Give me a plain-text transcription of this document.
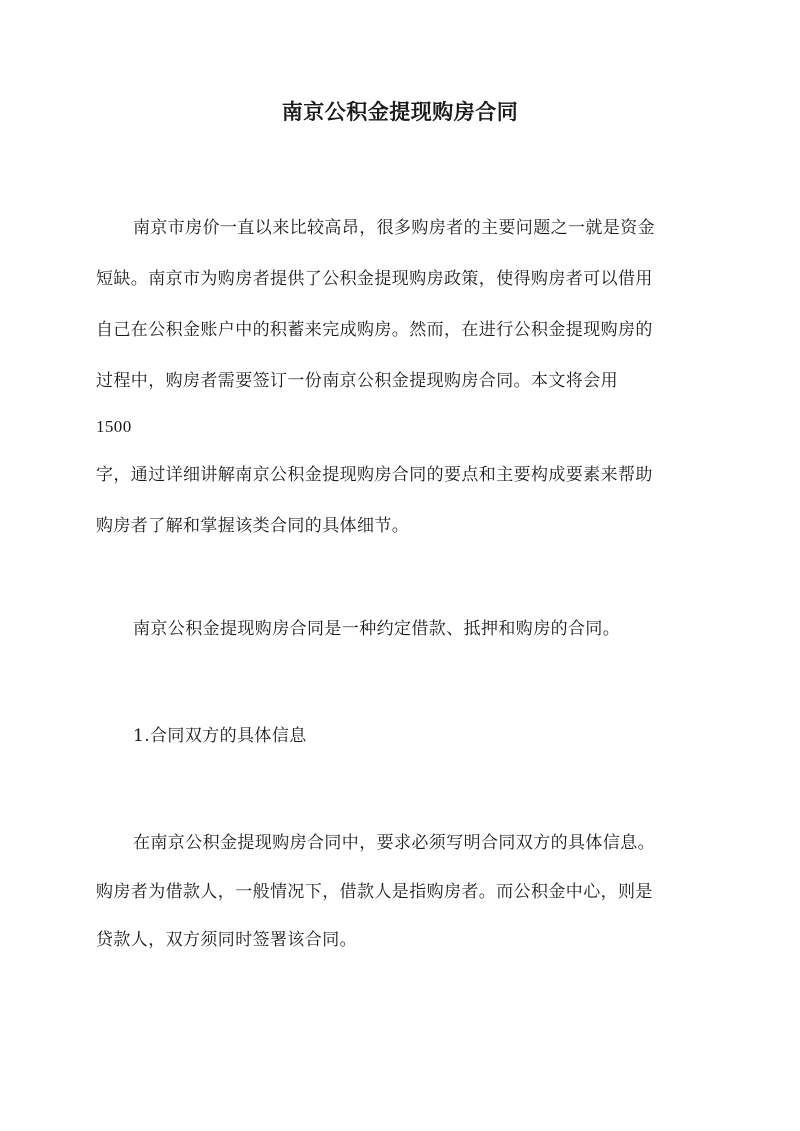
南京公积金提现购房合同
南京市房价一直以来比较高昂，很多购房者的主要问题之一就是资金
短缺。南京市为购房者提供了公积金提现购房政策，使得购房者可以借用
自己在公积金账户中的积蓄来完成购房。然而，在进行公积金提现购房的
过程中，购房者需要签订一份南京公积金提现购房合同。本文将会用
1500
字，通过详细讲解南京公积金提现购房合同的要点和主要构成要素来帮助
购房者了解和掌握该类合同的具体细节。
南京公积金提现购房合同是一种约定借款、抵押和购房的合同。
1.合同双方的具体信息
在南京公积金提现购房合同中，要求必须写明合同双方的具体信息。
购房者为借款人，一般情况下，借款人是指购房者。而公积金中心，则是
贷款人，双方须同时签署该合同。
